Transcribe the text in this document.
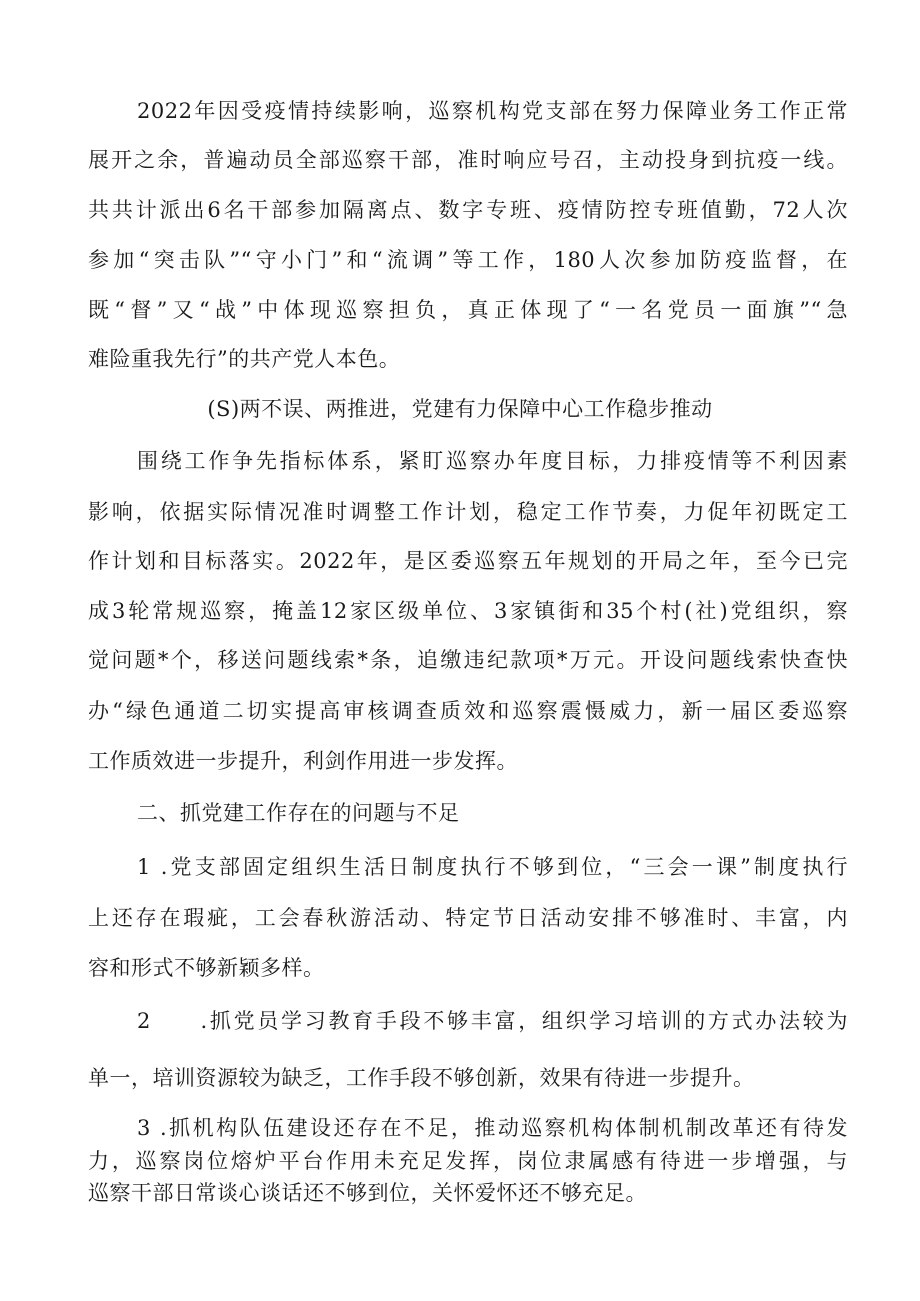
2022年因受疫情持续影响，巡察机构党支部在努力保障业务工作正常
展开之余，普遍动员全部巡察干部，准时响应号召，主动投身到抗疫一线。
共共计派出6名干部参加隔离点、数字专班、疫情防控专班值勤，72人次
参加“突击队”“守小门”和“流调”等工作，180人次参加防疫监督，在
既“督”又“战”中体现巡察担负，真正体现了“一名党员一面旗”“急
难险重我先行”的共产党人本色。
(S)两不误、两推进，党建有力保障中心工作稳步推动
围绕工作争先指标体系，紧盯巡察办年度目标，力排疫情等不利因素
影响，依据实际情况准时调整工作计划，稳定工作节奏，力促年初既定工
作计划和目标落实。2022年，是区委巡察五年规划的开局之年，至今已完
成3轮常规巡察，掩盖12家区级单位、3家镇街和35个村(社)党组织，察
觉问题*个，移送问题线索*条，追缴违纪款项*万元。开设问题线索快查快
办“绿色通道二切实提高审核调查质效和巡察震慑威力，新一届区委巡察
工作质效进一步提升，利剑作用进一步发挥。
二、抓党建工作存在的问题与不足
1 .党支部固定组织生活日制度执行不够到位，“三会一课”制度执行
上还存在瑕疵，工会春秋游活动、特定节日活动安排不够准时、丰富，内
容和形式不够新颖多样。
2　　.抓党员学习教育手段不够丰富，组织学习培训的方式办法较为
单一，培训资源较为缺乏，工作手段不够创新，效果有待进一步提升。
3 .抓机构队伍建设还存在不足，推动巡察机构体制机制改革还有待发
力，巡察岗位熔炉平台作用未充足发挥，岗位隶属感有待进一步增强，与
巡察干部日常谈心谈话还不够到位，关怀爱怀还不够充足。
